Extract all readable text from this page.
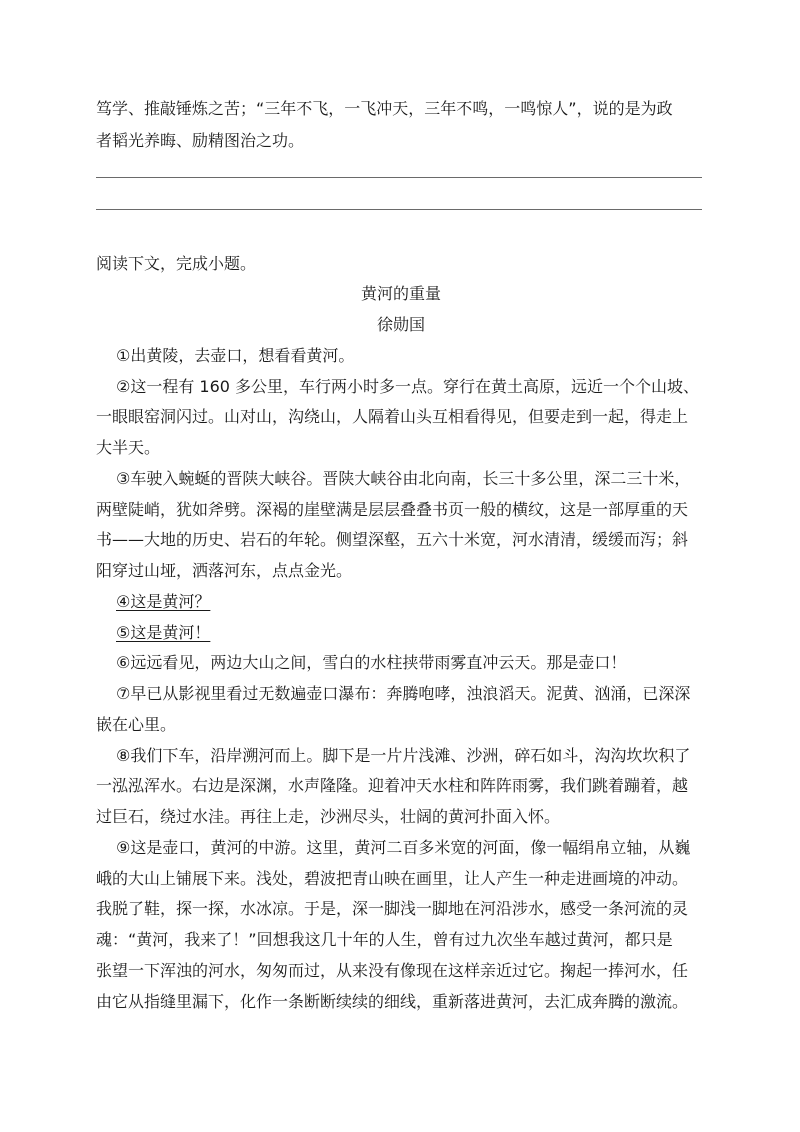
笃学、推敲锤炼之苦；“三年不飞，一飞冲天，三年不鸣，一鸣惊人”，说的是为政
者韬光养晦、励精图治之功。
阅读下文，完成小题。
黄河的重量
徐勋国
①出黄陵，去壶口，想看看黄河。
②这一程有 160 多公里，车行两小时多一点。穿行在黄土高原，远近一个个山坡、
一眼眼窑洞闪过。山对山，沟绕山，人隔着山头互相看得见，但要走到一起，得走上
大半天。
③车驶入蜿蜒的晋陕大峡谷。晋陕大峡谷由北向南，长三十多公里，深二三十米，
两壁陡峭，犹如斧劈。深褐的崖壁满是层层叠叠书页一般的横纹，这是一部厚重的天
书——大地的历史、岩石的年轮。侧望深壑，五六十米宽，河水清清，缓缓而泻；斜
阳穿过山垭，洒落河东，点点金光。
④这是黄河？
⑤这是黄河！
⑥远远看见，两边大山之间，雪白的水柱挟带雨雾直冲云天。那是壶口！
⑦早已从影视里看过无数遍壶口瀑布：奔腾咆哮，浊浪滔天。泥黄、汹涌，已深深
嵌在心里。
⑧我们下车，沿岸溯河而上。脚下是一片片浅滩、沙洲，碎石如斗，沟沟坎坎积了
一泓泓浑水。右边是深渊，水声隆隆。迎着冲天水柱和阵阵雨雾，我们跳着蹦着，越
过巨石，绕过水洼。再往上走，沙洲尽头，壮阔的黄河扑面入怀。
⑨这是壶口，黄河的中游。这里，黄河二百多米宽的河面，像一幅绢帛立轴，从巍
峨的大山上铺展下来。浅处，碧波把青山映在画里，让人产生一种走进画境的冲动。
我脱了鞋，探一探，水冰凉。于是，深一脚浅一脚地在河沿涉水，感受一条河流的灵
魂：“黄河，我来了！”回想我这几十年的人生，曾有过九次坐车越过黄河，都只是
张望一下浑浊的河水，匆匆而过，从来没有像现在这样亲近过它。掬起一捧河水，任
由它从指缝里漏下，化作一条断断续续的细线，重新落进黄河，去汇成奔腾的激流。
